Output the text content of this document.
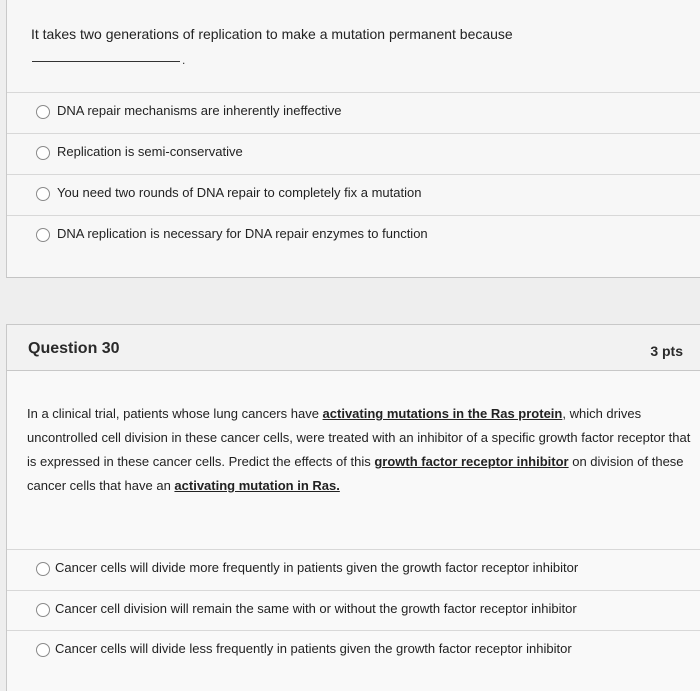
It takes two generations of replication to make a mutation permanent because
.
DNA repair mechanisms are inherently ineffective
Replication is semi-conservative
You need two rounds of DNA repair to completely fix a mutation
DNA replication is necessary for DNA repair enzymes to function
Question 30	3 pts
In a clinical trial, patients whose lung cancers have activating mutations in the Ras protein, which drives uncontrolled cell division in these cancer cells, were treated with an inhibitor of a specific growth factor receptor that is expressed in these cancer cells. Predict the effects of this growth factor receptor inhibitor on division of these cancer cells that have an activating mutation in Ras.
Cancer cells will divide more frequently in patients given the growth factor receptor inhibitor
Cancer cell division will remain the same with or without the growth factor receptor inhibitor
Cancer cells will divide less frequently in patients given the growth factor receptor inhibitor
